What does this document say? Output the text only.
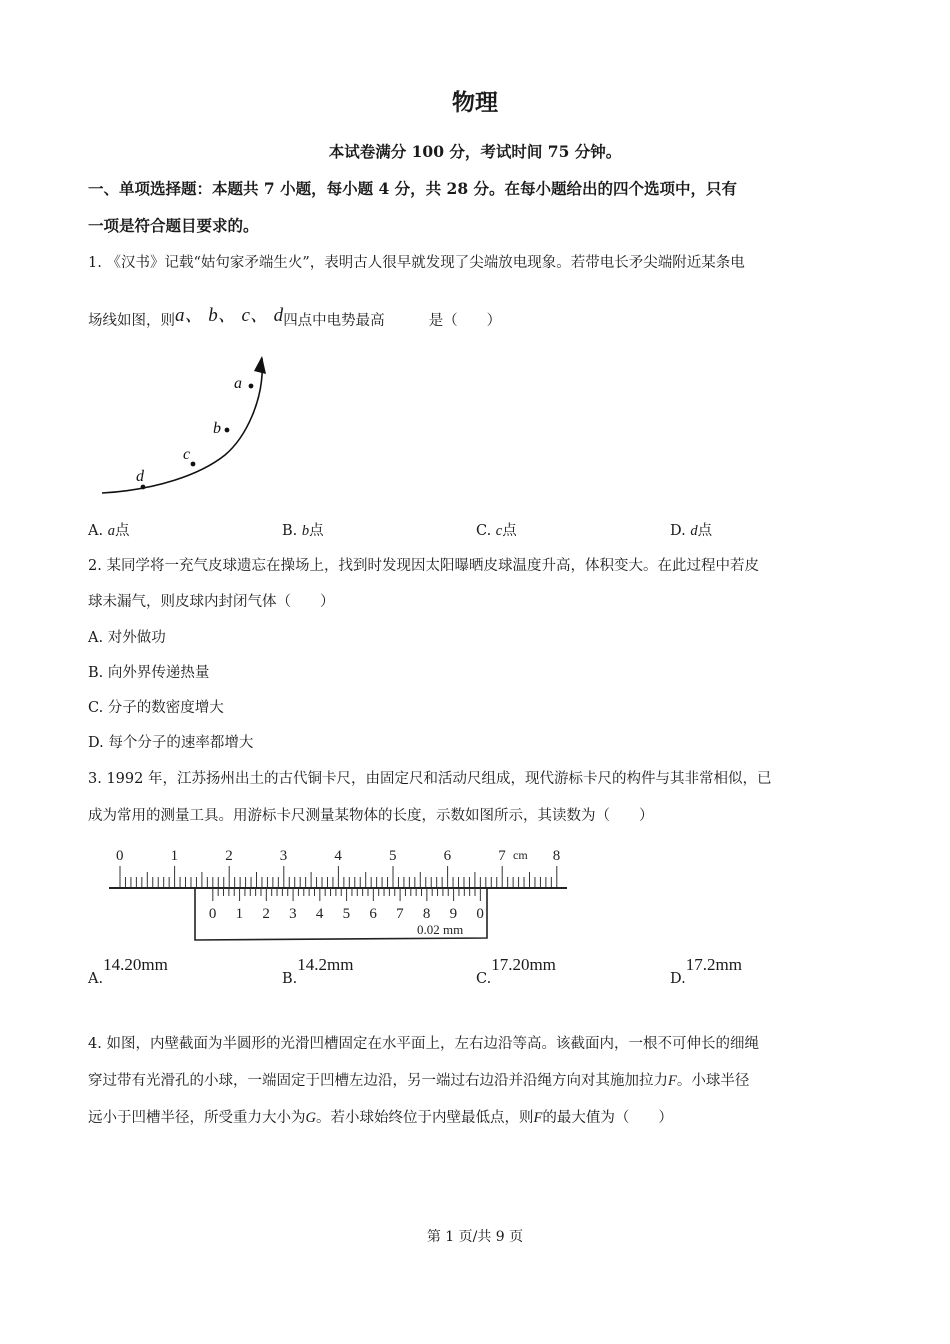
物理
本试卷满分 100 分，考试时间 75 分钟。
一、单项选择题：本题共 7 小题，每小题 4 分，共 28 分。在每小题给出的四个选项中，只有
一项是符合题目要求的。
1. 《汉书》记载“姑句家矛端生火”，表明古人很早就发现了尖端放电现象。若带电长矛尖端附近某条电
场线如图，则a、 b、 c、 d四点中电势最高	是（　　）
d
c
b
a
A. a点	B. b点	C. c点	D. d点
2. 某同学将一充气皮球遗忘在操场上，找到时发现因太阳曝晒皮球温度升高，体积变大。在此过程中若皮
球未漏气，则皮球内封闭气体（　　）
A. 对外做功
B. 向外界传递热量
C. 分子的数密度增大
D. 每个分子的速率都增大
3. 1992 年，江苏扬州出土的古代铜卡尺，由固定尺和活动尺组成，现代游标卡尺的构件与其非常相似，已
成为常用的测量工具。用游标卡尺测量某物体的长度，示数如图所示，其读数为（　　）
0	1	2	3	4	5	6	7	8
cm
0 1 2 3 4 5 6 7 8 9 0
0.02 mm
A.14.20mm
B.14.2mm
C.17.20mm
D.17.2mm
4. 如图，内壁截面为半圆形的光滑凹槽固定在水平面上，左右边沿等高。该截面内，一根不可伸长的细绳
穿过带有光滑孔的小球，一端固定于凹槽左边沿，另一端过右边沿并沿绳方向对其施加拉力F。小球半径
远小于凹槽半径，所受重力大小为G。若小球始终位于内壁最低点，则F的最大值为（　　）
第 1 页/共 9 页
